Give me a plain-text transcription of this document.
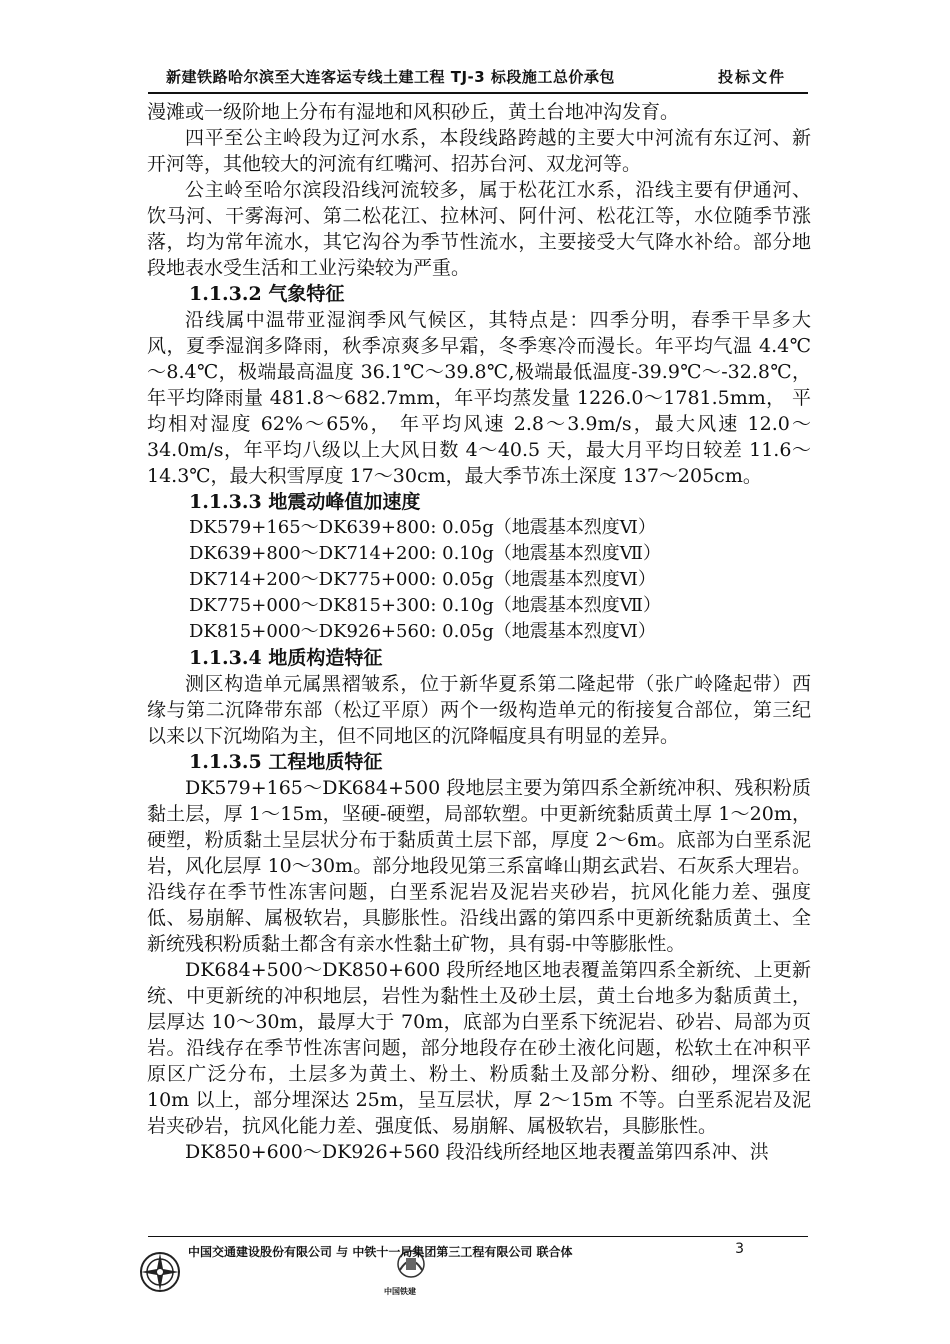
新建铁路哈尔滨至大连客运专线土建工程 TJ-3 标段施工总价承包	投标文件

漫滩或一级阶地上分布有湿地和风积砂丘，黄土台地冲沟发育。

四平至公主岭段为辽河水系，本段线路跨越的主要大中河流有东辽河、新开河等，其他较大的河流有红嘴河、招苏台河、双龙河等。

公主岭至哈尔滨段沿线河流较多，属于松花江水系，沿线主要有伊通河、饮马河、干雾海河、第二松花江、拉林河、阿什河、松花江等，水位随季节涨落，均为常年流水，其它沟谷为季节性流水，主要接受大气降水补给。部分地段地表水受生活和工业污染较为严重。

1.1.3.2 气象特征

沿线属中温带亚湿润季风气候区，其特点是：四季分明，春季干旱多大风，夏季湿润多降雨，秋季凉爽多早霜，冬季寒冷而漫长。年平均气温 4.4℃～8.4℃，极端最高温度 36.1℃～39.8℃,极端最低温度-39.9℃～-32.8℃，年平均降雨量 481.8～682.7mm，年平均蒸发量 1226.0～1781.5mm， 平均相对湿度 62%～65%， 年平均风速 2.8～3.9m/s，最大风速 12.0～34.0m/s，年平均八级以上大风日数 4～40.5 天，最大月平均日较差 11.6～14.3℃，最大积雪厚度 17～30cm，最大季节冻土深度 137～205cm。

1.1.3.3 地震动峰值加速度

DK579+165～DK639+800: 0.05g（地震基本烈度Ⅵ）

DK639+800～DK714+200: 0.10g（地震基本烈度Ⅶ）

DK714+200～DK775+000: 0.05g（地震基本烈度Ⅵ）

DK775+000～DK815+300: 0.10g（地震基本烈度Ⅶ）

DK815+000～DK926+560: 0.05g（地震基本烈度Ⅵ）

1.1.3.4 地质构造特征

测区构造单元属黑褶皱系，位于新华夏系第二隆起带（张广岭隆起带）西缘与第二沉降带东部（松辽平原）两个一级构造单元的衔接复合部位，第三纪以来以下沉坳陷为主，但不同地区的沉降幅度具有明显的差异。

1.1.3.5 工程地质特征

DK579+165～DK684+500 段地层主要为第四系全新统冲积、残积粉质黏土层，厚 1～15m，坚硬-硬塑，局部软塑。中更新统黏质黄土厚 1～20m，硬塑，粉质黏土呈层状分布于黏质黄土层下部，厚度 2～6m。底部为白垩系泥岩，风化层厚 10～30m。部分地段见第三系富峰山期玄武岩、石灰系大理岩。沿线存在季节性冻害问题，白垩系泥岩及泥岩夹砂岩，抗风化能力差、强度低、易崩解、属极软岩，具膨胀性。沿线出露的第四系中更新统黏质黄土、全新统残积粉质黏土都含有亲水性黏土矿物，具有弱-中等膨胀性。

DK684+500～DK850+600 段所经地区地表覆盖第四系全新统、上更新统、中更新统的冲积地层，岩性为黏性土及砂土层，黄土台地多为黏质黄土，层厚达 10～30m，最厚大于 70m，底部为白垩系下统泥岩、砂岩、局部为页岩。沿线存在季节性冻害问题，部分地段存在砂土液化问题，松软土在冲积平原区广泛分布，土层多为黄土、粉土、粉质黏土及部分粉、细砂，埋深多在 10m 以上，部分埋深达 25m，呈互层状，厚 2～15m 不等。白垩系泥岩及泥岩夹砂岩，抗风化能力差、强度低、易崩解、属极软岩，具膨胀性。

DK850+600～DK926+560 段沿线所经地区地表覆盖第四系冲、洪

中国铁建
中国交通建设股份有限公司 与 中铁十一局集团第三工程有限公司 联合体	3
